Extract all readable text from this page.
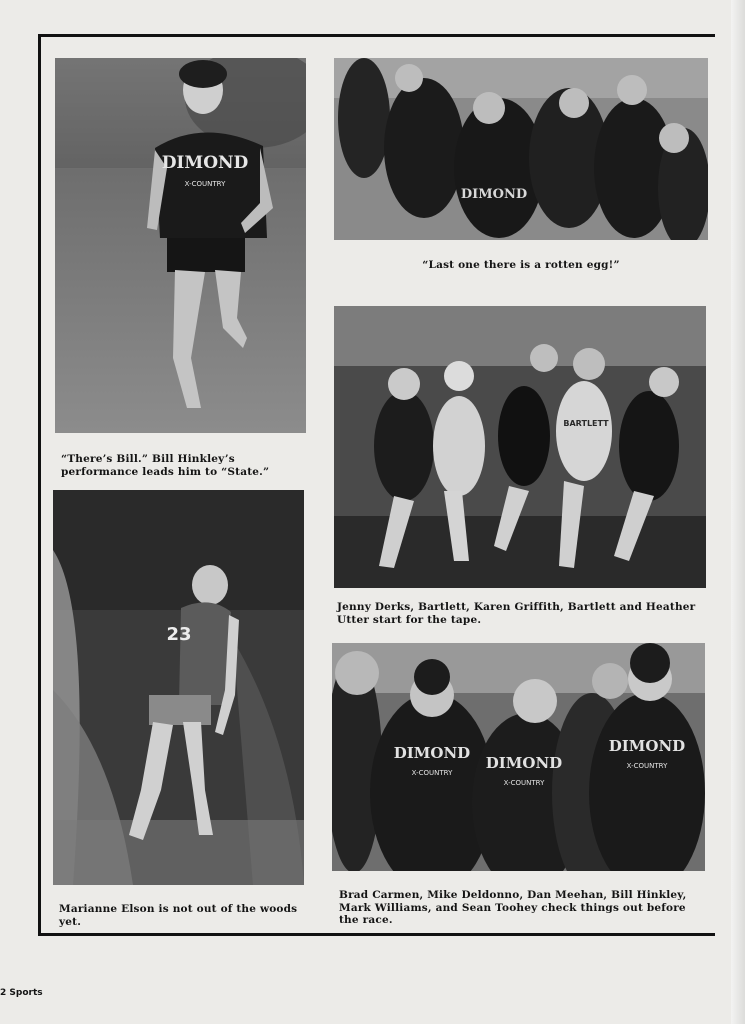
DIMOND
X-COUNTRY
“There’s Bill.” Bill Hinkley’s performance leads him to “State.”
DIMOND
“Last one there is a rotten egg!”
BARTLETT
Jenny Derks, Bartlett, Karen Griffith, Bartlett and Heather Utter start for the tape.
23
Marianne Elson is not out of the woods yet.
DIMOND
X-COUNTRY
DIMOND
X-COUNTRY
DIMOND
X-COUNTRY
Brad Carmen, Mike Deldonno, Dan Meehan, Bill Hinkley, Mark Williams, and Sean Toohey check things out before the race.
2 Sports
